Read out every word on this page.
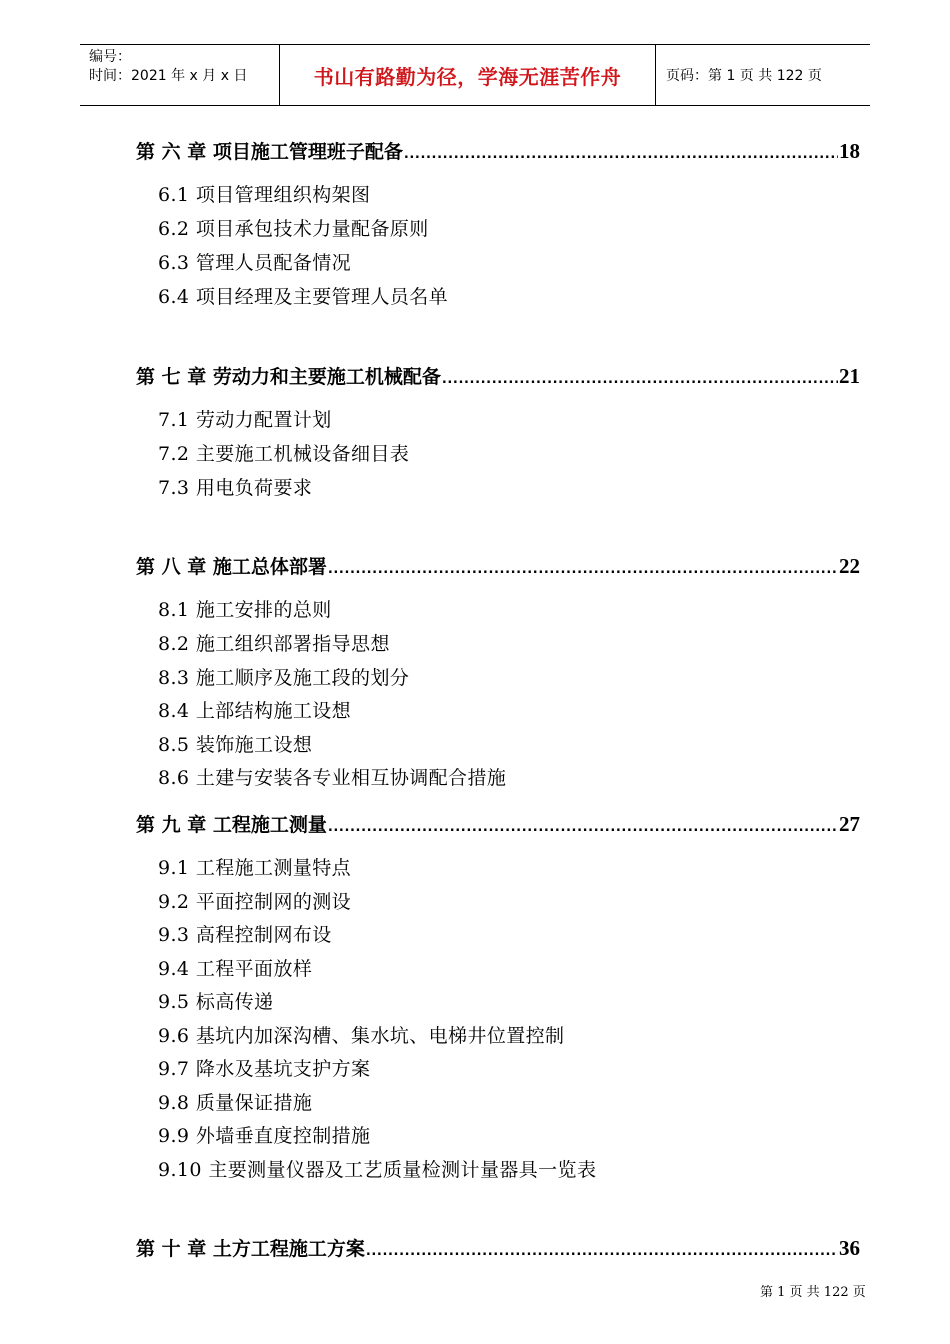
编号：
时间：2021 年 x 月 x 日	书山有路勤为径，学海无涯苦作舟	页码：第 1 页 共 122 页
第 六 章 项目施工管理班子配备 .....	18
6.1 项目管理组织构架图
6.2 项目承包技术力量配备原则
6.3 管理人员配备情况
6.4 项目经理及主要管理人员名单
第 七 章 劳动力和主要施工机械配备 .....	21
7.1 劳动力配置计划
7.2 主要施工机械设备细目表
7.3 用电负荷要求
第 八 章 施工总体部署 .....	22
8.1 施工安排的总则
8.2 施工组织部署指导思想
8.3 施工顺序及施工段的划分
8.4 上部结构施工设想
8.5 装饰施工设想
8.6 土建与安装各专业相互协调配合措施
第 九 章 工程施工测量 .....	27
9.1 工程施工测量特点
9.2 平面控制网的测设
9.3 高程控制网布设
9.4 工程平面放样
9.5 标高传递
9.6 基坑内加深沟槽、集水坑、电梯井位置控制
9.7 降水及基坑支护方案
9.8 质量保证措施
9.9 外墙垂直度控制措施
9.10 主要测量仪器及工艺质量检测计量器具一览表
第 十 章 土方工程施工方案 .....	36
第 1 页 共 122 页
